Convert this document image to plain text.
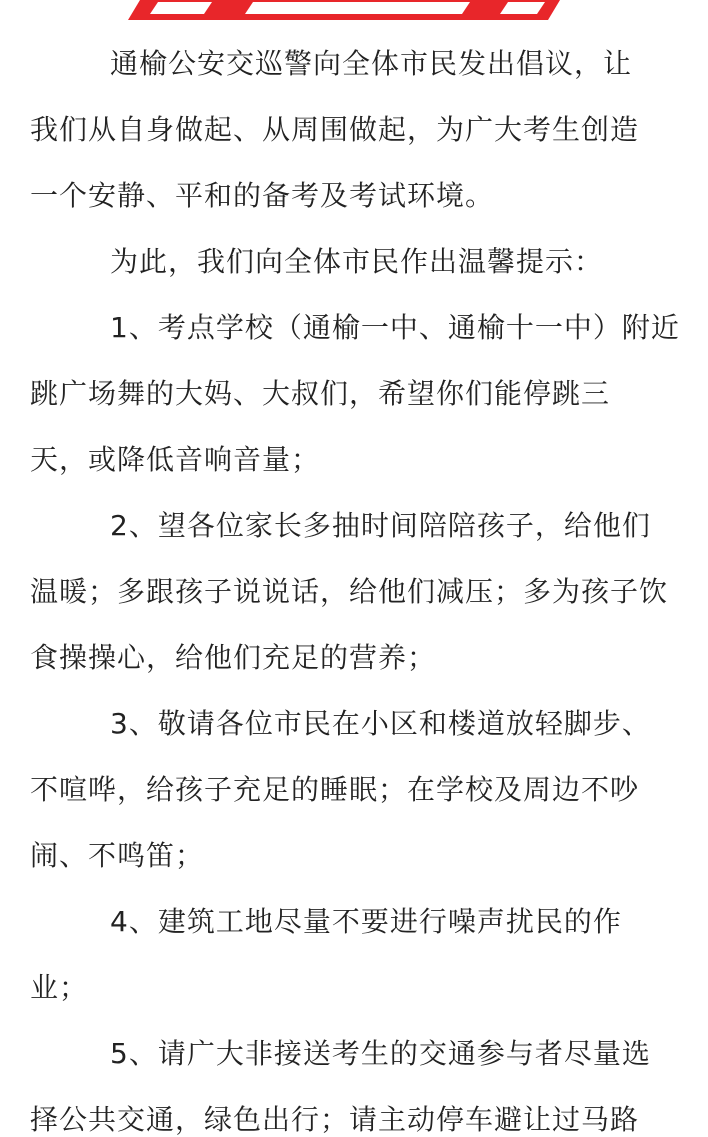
通榆公安交巡警向全体市民发出倡议，让
我们从自身做起、从周围做起，为广大考生创造
一个安静、平和的备考及考试环境。
为此，我们向全体市民作出温馨提示：
1、考点学校（通榆一中、通榆十一中）附近
跳广场舞的大妈、大叔们，希望你们能停跳三
天，或降低音响音量；
2、望各位家长多抽时间陪陪孩子，给他们
温暖；多跟孩子说说话，给他们减压；多为孩子饮
食操操心，给他们充足的营养；
3、敬请各位市民在小区和楼道放轻脚步、
不喧哗，给孩子充足的睡眠；在学校及周边不吵
闹、不鸣笛；
4、建筑工地尽量不要进行噪声扰民的作
业；
5、请广大非接送考生的交通参与者尽量选
择公共交通，绿色出行；请主动停车避让过马路
